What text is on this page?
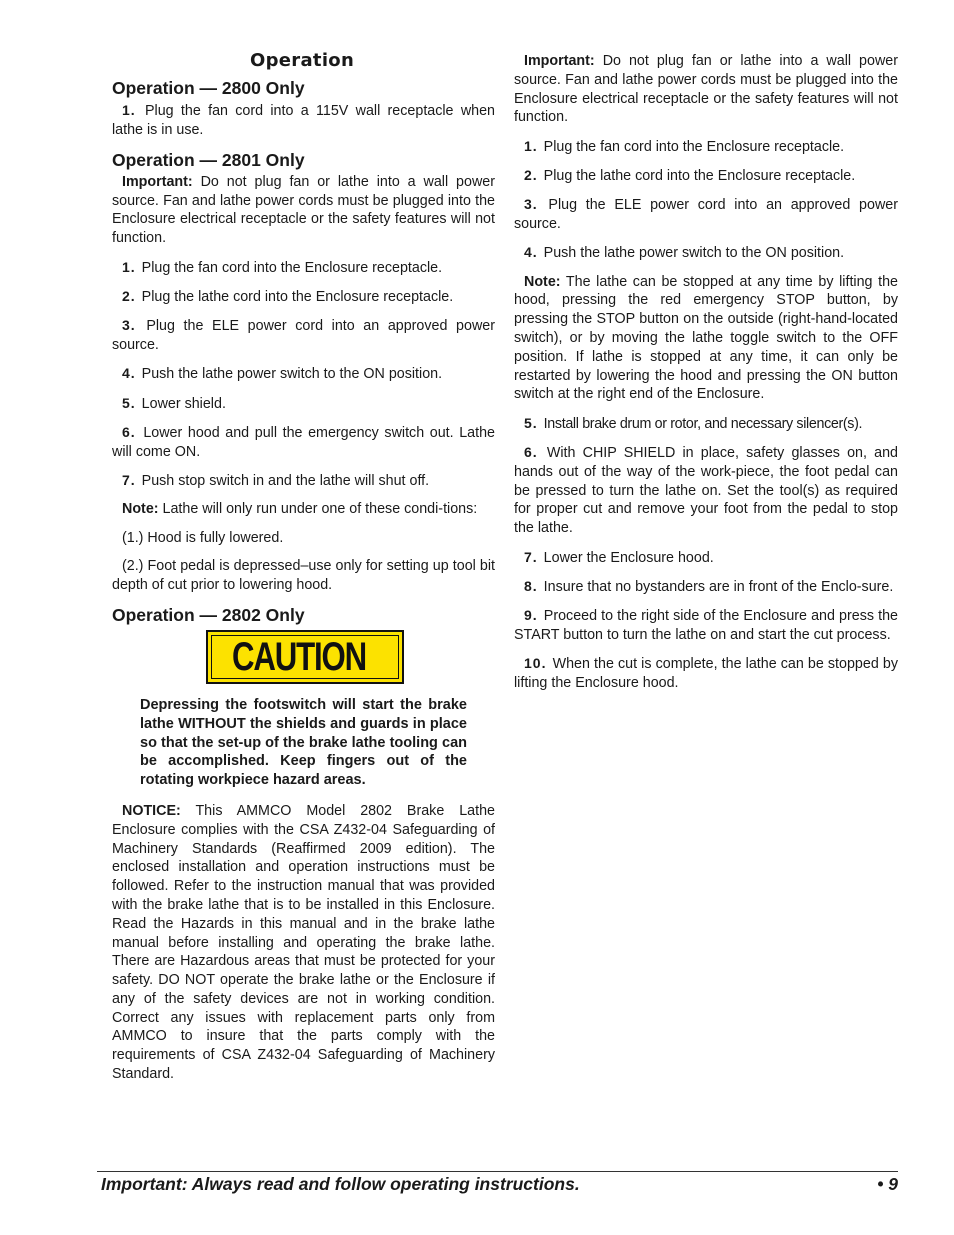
Operation
Operation — 2800 Only

1. Plug the fan cord into a 115V wall receptacle when lathe is in use.

Operation — 2801 Only

Important: Do not plug fan or lathe into a wall power source. Fan and lathe power cords must be plugged into the Enclosure electrical receptacle or the safety features will not function.

1. Plug the fan cord into the Enclosure receptacle.

2. Plug the lathe cord into the Enclosure receptacle.

3. Plug the ELE power cord into an approved power source.

4. Push the lathe power switch to the ON position.

5. Lower shield.

6. Lower hood and pull the emergency switch out. Lathe will come ON.

7. Push stop switch in and the lathe will shut off.

Note: Lathe will only run under one of these condi-tions:

(1.) Hood is fully lowered.

(2.) Foot pedal is depressed–use only for setting up tool bit depth of cut prior to lowering hood.

Operation — 2802 Only
CAUTION

Depressing the footswitch will start the brake lathe WITHOUT the shields and guards in place so that the set-up of the brake lathe tooling can be accomplished. Keep fingers out of the rotating workpiece hazard areas.

NOTICE: This AMMCO Model 2802 Brake Lathe Enclosure complies with the CSA Z432-04 Safeguarding of Machinery Standards (Reaffirmed 2009 edition). The enclosed installation and operation instructions must be followed. Refer to the instruction manual that was provided with the brake lathe that is to be installed in this Enclosure. Read the Hazards in this manual and in the brake lathe manual before installing and operating the brake lathe. There are Hazardous areas that must be protected for your safety. DO NOT operate the brake lathe or the Enclosure if any of the safety devices are not in working condition. Correct any issues with replacement parts only from AMMCO to insure that the parts comply with the requirements of CSA Z432-04 Safeguarding of Machinery Standard.

Important: Do not plug fan or lathe into a wall power source. Fan and lathe power cords must be plugged into the Enclosure electrical receptacle or the safety features will not function.

1. Plug the fan cord into the Enclosure receptacle.

2. Plug the lathe cord into the Enclosure receptacle.

3. Plug the ELE power cord into an approved power source.

4. Push the lathe power switch to the ON position.

Note: The lathe can be stopped at any time by lifting the hood, pressing the red emergency STOP button, by pressing the STOP button on the outside (right-hand-located switch), or by moving the lathe toggle switch to the OFF position. If lathe is stopped at any time, it can only be restarted by lowering the hood and pressing the ON button switch at the right end of the Enclosure.

5. Install brake drum or rotor, and necessary silencer(s).

6. With CHIP SHIELD in place, safety glasses on, and hands out of the way of the work-piece, the foot pedal can be pressed to turn the lathe on. Set the tool(s) as required for proper cut and remove your foot from the pedal to stop the lathe.

7. Lower the Enclosure hood.

8. Insure that no bystanders are in front of the Enclo-sure.

9. Proceed to the right side of the Enclosure and press the START button to turn the lathe on and start the cut process.

10. When the cut is complete, the lathe can be stopped by lifting the Enclosure hood.

Important: Always read and follow operating instructions.	• 9
